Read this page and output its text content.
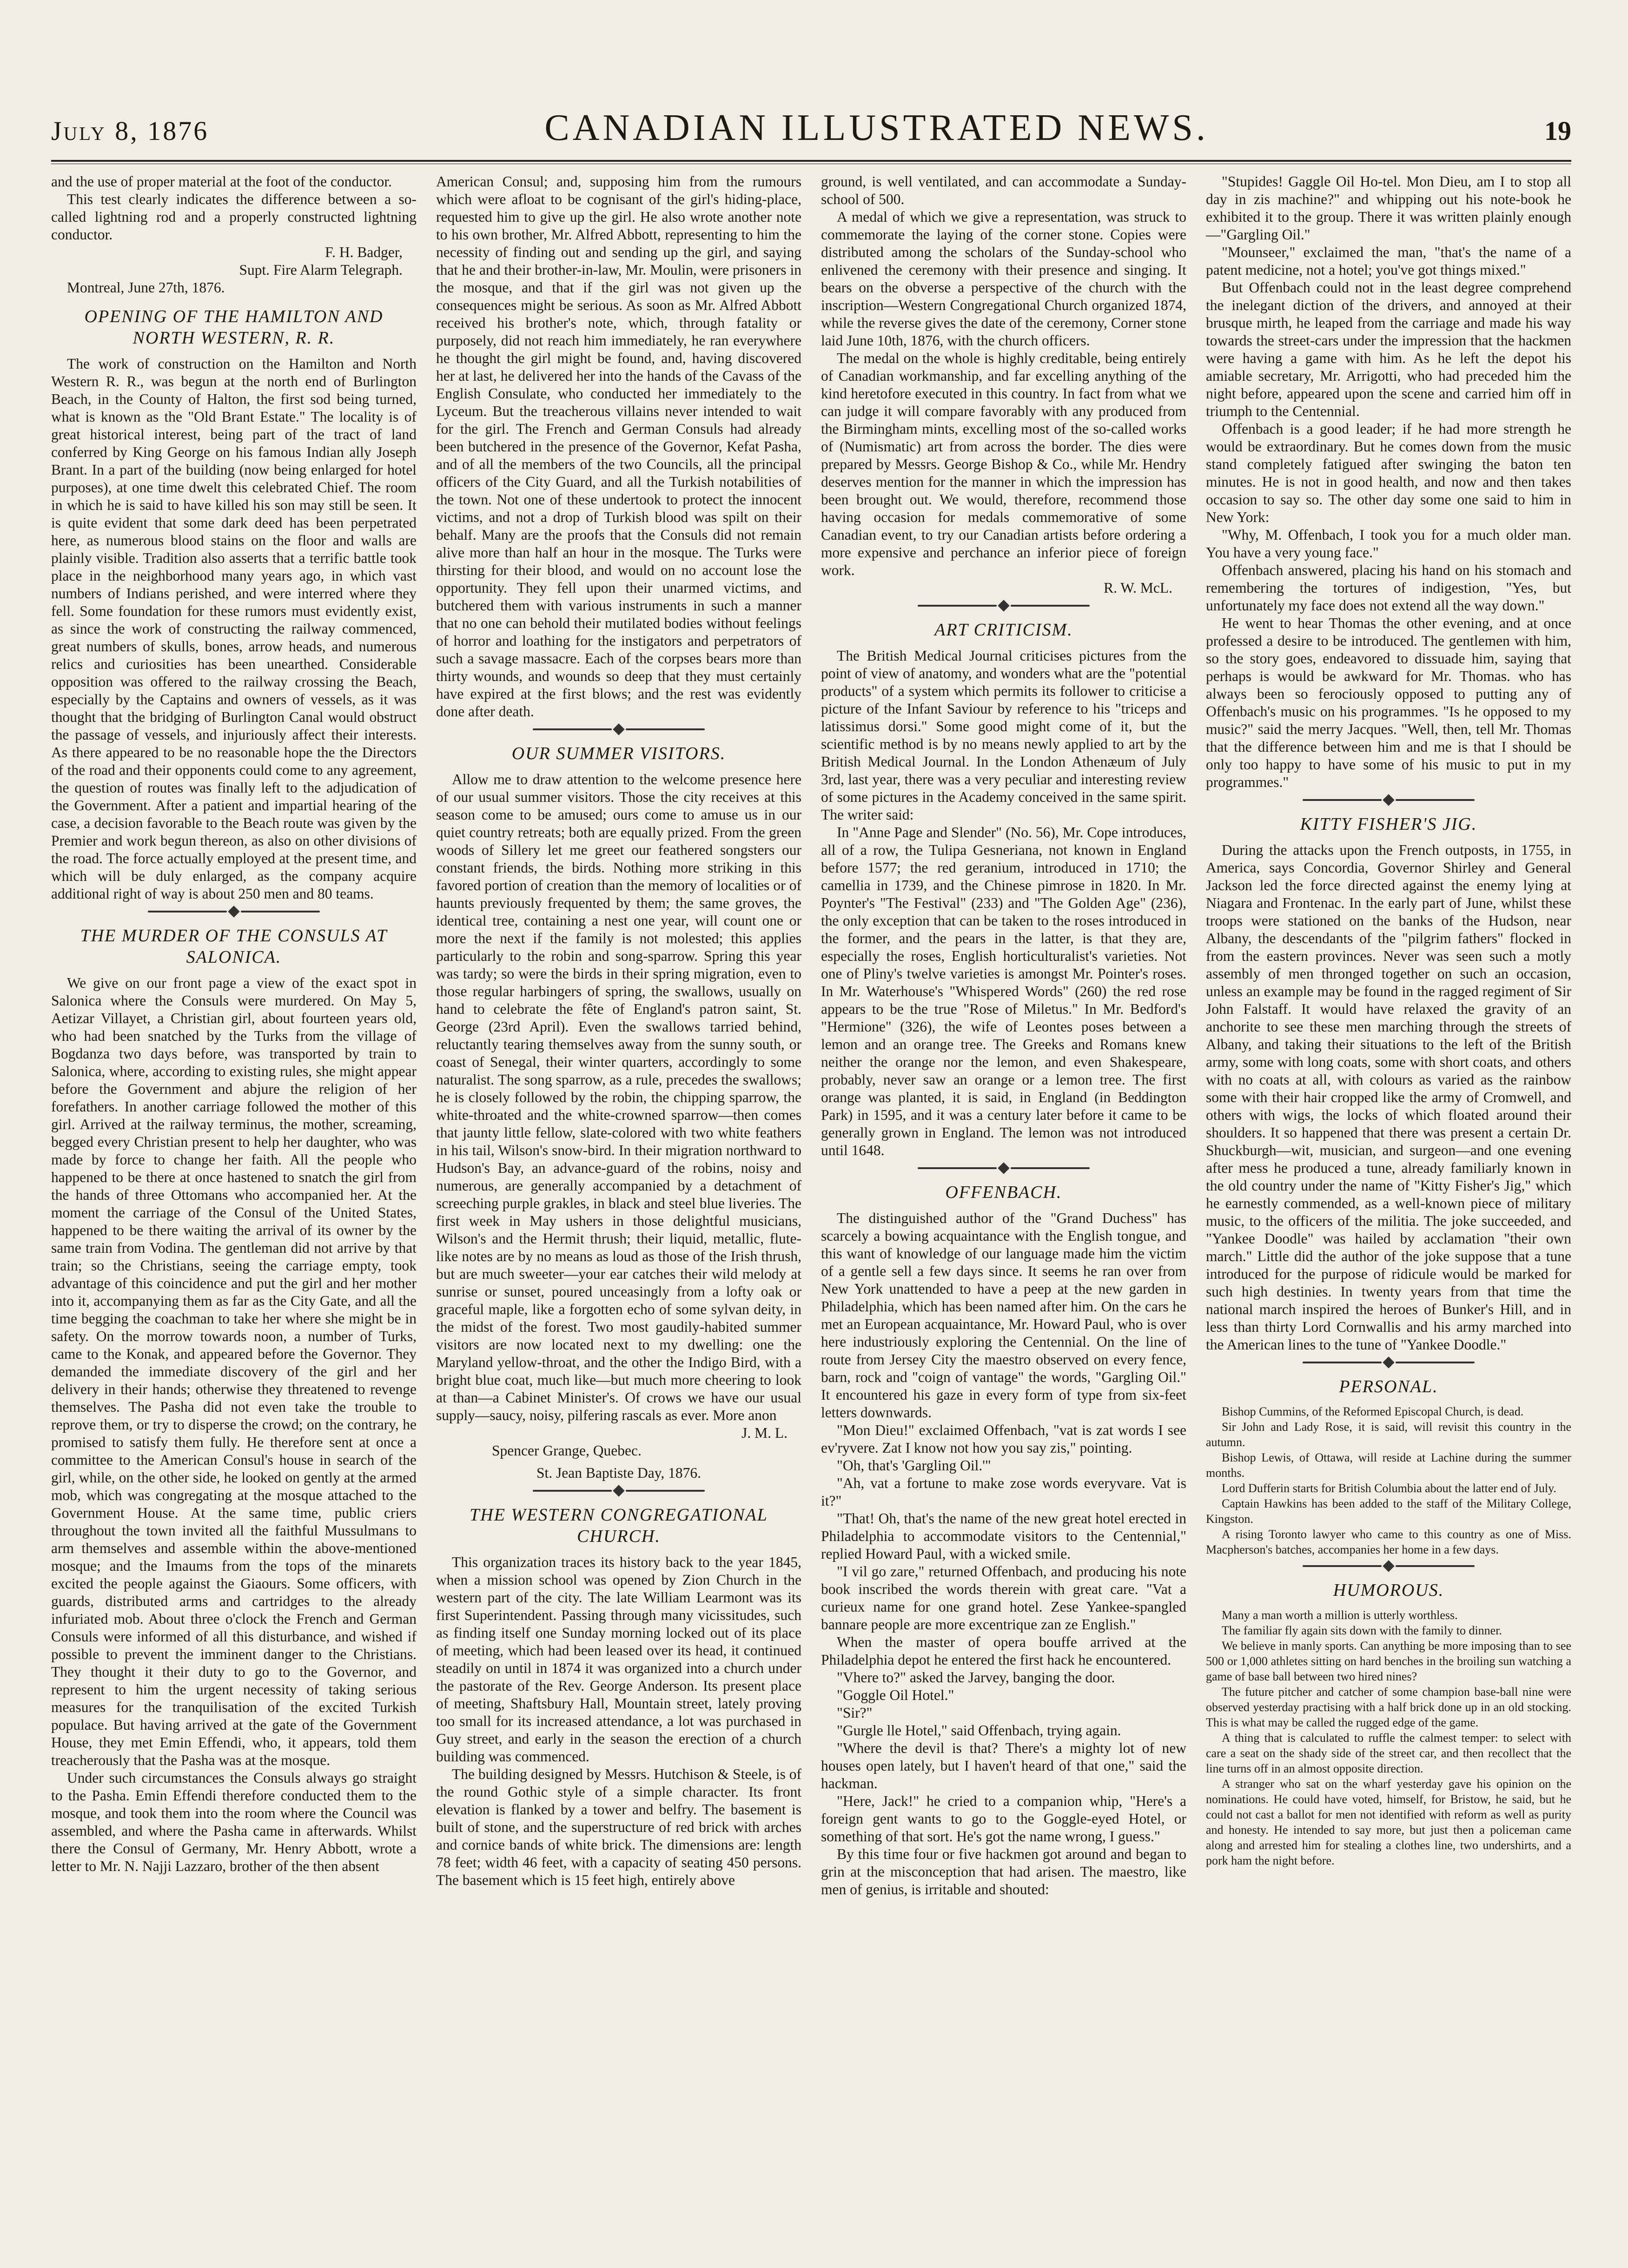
July 8, 1876	CANADIAN ILLUSTRATED NEWS.	19

and the use of proper material at the foot of the conductor.

This test clearly indicates the difference between a so-called lightning rod and a properly constructed lightning conductor.

F. H. Badger,

Supt. Fire Alarm Telegraph.

Montreal, June 27th, 1876.

OPENING OF THE HAMILTON AND NORTH WESTERN, R. R.

The work of construction on the Hamilton and North Western R. R., was begun at the north end of Burlington Beach, in the County of Halton, the first sod being turned, what is known as the "Old Brant Estate." The locality is of great historical interest, being part of the tract of land conferred by King George on his famous Indian ally Joseph Brant. In a part of the building (now being enlarged for hotel purposes), at one time dwelt this celebrated Chief. The room in which he is said to have killed his son may still be seen. It is quite evident that some dark deed has been perpetrated here, as numerous blood stains on the floor and walls are plainly visible. Tradition also asserts that a terrific battle took place in the neighborhood many years ago, in which vast numbers of Indians perished, and were interred where they fell. Some foundation for these rumors must evidently exist, as since the work of constructing the railway commenced, great numbers of skulls, bones, arrow heads, and numerous relics and curiosities has been unearthed. Considerable opposition was offered to the railway crossing the Beach, especially by the Captains and owners of vessels, as it was thought that the bridging of Burlington Canal would obstruct the passage of vessels, and injuriously affect their interests. As there appeared to be no reasonable hope the the Directors of the road and their opponents could come to any agreement, the question of routes was finally left to the adjudication of the Government. After a patient and impartial hearing of the case, a decision favorable to the Beach route was given by the Premier and work begun thereon, as also on other divisions of the road. The force actually employed at the present time, and which will be duly enlarged, as the company acquire additional right of way is about 250 men and 80 teams.

THE MURDER OF THE CONSULS AT SALONICA.

We give on our front page a view of the exact spot in Salonica where the Consuls were murdered. On May 5, Aetizar Villayet, a Christian girl, about fourteen years old, who had been snatched by the Turks from the village of Bogdanza two days before, was transported by train to Salonica, where, according to existing rules, she might appear before the Government and abjure the religion of her forefathers. In another carriage followed the mother of this girl. Arrived at the railway terminus, the mother, screaming, begged every Christian present to help her daughter, who was made by force to change her faith. All the people who happened to be there at once hastened to snatch the girl from the hands of three Ottomans who accompanied her. At the moment the carriage of the Consul of the United States, happened to be there waiting the arrival of its owner by the same train from Vodina. The gentleman did not arrive by that train; so the Christians, seeing the carriage empty, took advantage of this coincidence and put the girl and her mother into it, accompanying them as far as the City Gate, and all the time begging the coachman to take her where she might be in safety. On the morrow towards noon, a number of Turks, came to the Konak, and appeared before the Governor. They demanded the immediate discovery of the girl and her delivery in their hands; otherwise they threatened to revenge themselves. The Pasha did not even take the trouble to reprove them, or try to disperse the crowd; on the contrary, he promised to satisfy them fully. He therefore sent at once a committee to the American Consul's house in search of the girl, while, on the other side, he looked on gently at the armed mob, which was congregating at the mosque attached to the Government House. At the same time, public criers throughout the town invited all the faithful Mussulmans to arm themselves and assemble within the above-mentioned mosque; and the Imaums from the tops of the minarets excited the people against the Giaours. Some officers, with guards, distributed arms and cartridges to the already infuriated mob. About three o'clock the French and German Consuls were informed of all this disturbance, and wished if possible to prevent the imminent danger to the Christians. They thought it their duty to go to the Governor, and represent to him the urgent necessity of taking serious measures for the tranquilisation of the excited Turkish populace. But having arrived at the gate of the Government House, they met Emin Effendi, who, it appears, told them treacherously that the Pasha was at the mosque.

Under such circumstances the Consuls always go straight to the Pasha. Emin Effendi therefore conducted them to the mosque, and took them into the room where the Council was assembled, and where the Pasha came in afterwards. Whilst there the Consul of Germany, Mr. Henry Abbott, wrote a letter to Mr. N. Najji Lazzaro, brother of the then absent

American Consul; and, supposing him from the rumours which were afloat to be cognisant of the girl's hiding-place, requested him to give up the girl. He also wrote another note to his own brother, Mr. Alfred Abbott, representing to him the necessity of finding out and sending up the girl, and saying that he and their brother-in-law, Mr. Moulin, were prisoners in the mosque, and that if the girl was not given up the consequences might be serious. As soon as Mr. Alfred Abbott received his brother's note, which, through fatality or purposely, did not reach him immediately, he ran everywhere he thought the girl might be found, and, having discovered her at last, he delivered her into the hands of the Cavass of the English Consulate, who conducted her immediately to the Lyceum. But the treacherous villains never intended to wait for the girl. The French and German Consuls had already been butchered in the presence of the Governor, Kefat Pasha, and of all the members of the two Councils, all the principal officers of the City Guard, and all the Turkish notabilities of the town. Not one of these undertook to protect the innocent victims, and not a drop of Turkish blood was spilt on their behalf. Many are the proofs that the Consuls did not remain alive more than half an hour in the mosque. The Turks were thirsting for their blood, and would on no account lose the opportunity. They fell upon their unarmed victims, and butchered them with various instruments in such a manner that no one can behold their mutilated bodies without feelings of horror and loathing for the instigators and perpetrators of such a savage massacre. Each of the corpses bears more than thirty wounds, and wounds so deep that they must certainly have expired at the first blows; and the rest was evidently done after death.

OUR SUMMER VISITORS.

Allow me to draw attention to the welcome presence here of our usual summer visitors. Those the city receives at this season come to be amused; ours come to amuse us in our quiet country retreats; both are equally prized. From the green woods of Sillery let me greet our feathered songsters our constant friends, the birds. Nothing more striking in this favored portion of creation than the memory of localities or of haunts previously frequented by them; the same groves, the identical tree, containing a nest one year, will count one or more the next if the family is not molested; this applies particularly to the robin and song-sparrow. Spring this year was tardy; so were the birds in their spring migration, even to those regular harbingers of spring, the swallows, usually on hand to celebrate the fête of England's patron saint, St. George (23rd April). Even the swallows tarried behind, reluctantly tearing themselves away from the sunny south, or coast of Senegal, their winter quarters, accordingly to some naturalist. The song sparrow, as a rule, precedes the swallows; he is closely followed by the robin, the chipping sparrow, the white-throated and the white-crowned sparrow—then comes that jaunty little fellow, slate-colored with two white feathers in his tail, Wilson's snow-bird. In their migration northward to Hudson's Bay, an advance-guard of the robins, noisy and numerous, are generally accompanied by a detachment of screeching purple grakles, in black and steel blue liveries. The first week in May ushers in those delightful musicians, Wilson's and the Hermit thrush; their liquid, metallic, flute-like notes are by no means as loud as those of the Irish thrush, but are much sweeter—your ear catches their wild melody at sunrise or sunset, poured unceasingly from a lofty oak or graceful maple, like a forgotten echo of some sylvan deity, in the midst of the forest. Two most gaudily-habited summer visitors are now located next to my dwelling: one the Maryland yellow-throat, and the other the Indigo Bird, with a bright blue coat, much like—but much more cheering to look at than—a Cabinet Minister's. Of crows we have our usual supply—saucy, noisy, pilfering rascals as ever. More anon

J. M. L.

Spencer Grange, Quebec.

St. Jean Baptiste Day, 1876.

THE WESTERN CONGREGATIONAL CHURCH.

This organization traces its history back to the year 1845, when a mission school was opened by Zion Church in the western part of the city. The late William Learmont was its first Superintendent. Passing through many vicissitudes, such as finding itself one Sunday morning locked out of its place of meeting, which had been leased over its head, it continued steadily on until in 1874 it was organized into a church under the pastorate of the Rev. George Anderson. Its present place of meeting, Shaftsbury Hall, Mountain street, lately proving too small for its increased attendance, a lot was purchased in Guy street, and early in the season the erection of a church building was commenced.

The building designed by Messrs. Hutchison & Steele, is of the round Gothic style of a simple character. Its front elevation is flanked by a tower and belfry. The basement is built of stone, and the superstructure of red brick with arches and cornice bands of white brick. The dimensions are: length 78 feet; width 46 feet, with a capacity of seating 450 persons. The basement which is 15 feet high, entirely above

ground, is well ventilated, and can accommodate a Sunday-school of 500.

A medal of which we give a representation, was struck to commemorate the laying of the corner stone. Copies were distributed among the scholars of the Sunday-school who enlivened the ceremony with their presence and singing. It bears on the obverse a perspective of the church with the inscription—Western Congregational Church organized 1874, while the reverse gives the date of the ceremony, Corner stone laid June 10th, 1876, with the church officers.

The medal on the whole is highly creditable, being entirely of Canadian workmanship, and far excelling anything of the kind heretofore executed in this country. In fact from what we can judge it will compare favorably with any produced from the Birmingham mints, excelling most of the so-called works of (Numismatic) art from across the border. The dies were prepared by Messrs. George Bishop & Co., while Mr. Hendry deserves mention for the manner in which the impression has been brought out. We would, therefore, recommend those having occasion for medals commemorative of some Canadian event, to try our Canadian artists before ordering a more expensive and perchance an inferior piece of foreign work.

R. W. McL.

ART CRITICISM.

The British Medical Journal criticises pictures from the point of view of anatomy, and wonders what are the "potential products" of a system which permits its follower to criticise a picture of the Infant Saviour by reference to his "triceps and latissimus dorsi." Some good might come of it, but the scientific method is by no means newly applied to art by the British Medical Journal. In the London Athenæum of July 3rd, last year, there was a very peculiar and interesting review of some pictures in the Academy conceived in the same spirit. The writer said:

In "Anne Page and Slender" (No. 56), Mr. Cope introduces, all of a row, the Tulipa Gesneriana, not known in England before 1577; the red geranium, introduced in 1710; the camellia in 1739, and the Chinese pimrose in 1820. In Mr. Poynter's "The Festival" (233) and "The Golden Age" (236), the only exception that can be taken to the roses introduced in the former, and the pears in the latter, is that they are, especially the roses, English horticulturalist's varieties. Not one of Pliny's twelve varieties is amongst Mr. Pointer's roses. In Mr. Waterhouse's "Whispered Words" (260) the red rose appears to be the true "Rose of Miletus." In Mr. Bedford's "Hermione" (326), the wife of Leontes poses between a lemon and an orange tree. The Greeks and Romans knew neither the orange nor the lemon, and even Shakespeare, probably, never saw an orange or a lemon tree. The first orange was planted, it is said, in England (in Beddington Park) in 1595, and it was a century later before it came to be generally grown in England. The lemon was not introduced until 1648.

OFFENBACH.

The distinguished author of the "Grand Duchess" has scarcely a bowing acquaintance with the English tongue, and this want of knowledge of our language made him the victim of a gentle sell a few days since. It seems he ran over from New York unattended to have a peep at the new garden in Philadelphia, which has been named after him. On the cars he met an European acquaintance, Mr. Howard Paul, who is over here industriously exploring the Centennial. On the line of route from Jersey City the maestro observed on every fence, barn, rock and "coign of vantage" the words, "Gargling Oil." It encountered his gaze in every form of type from six-feet letters downwards.

"Mon Dieu!" exclaimed Offenbach, "vat is zat words I see ev'ryvere. Zat I know not how you say zis," pointing.

"Oh, that's 'Gargling Oil.'"

"Ah, vat a fortune to make zose words everyvare. Vat is it?"

"That! Oh, that's the name of the new great hotel erected in Philadelphia to accommodate visitors to the Centennial," replied Howard Paul, with a wicked smile.

"I vil go zare," returned Offenbach, and producing his note book inscribed the words therein with great care. "Vat a curieux name for one grand hotel. Zese Yankee-spangled bannare people are more excentrique zan ze English."

When the master of opera bouffe arrived at the Philadelphia depot he entered the first hack he encountered.

"Vhere to?" asked the Jarvey, banging the door.

"Goggle Oil Hotel."

"Sir?"

"Gurgle lle Hotel," said Offenbach, trying again.

"Where the devil is that? There's a mighty lot of new houses open lately, but I haven't heard of that one," said the hackman.

"Here, Jack!" he cried to a companion whip, "Here's a foreign gent wants to go to the Goggle-eyed Hotel, or something of that sort. He's got the name wrong, I guess."

By this time four or five hackmen got around and began to grin at the misconception that had arisen. The maestro, like men of genius, is irritable and shouted:

"Stupides! Gaggle Oil Ho-tel. Mon Dieu, am I to stop all day in zis machine?" and whipping out his note-book he exhibited it to the group. There it was written plainly enough—"Gargling Oil."

"Mounseer," exclaimed the man, "that's the name of a patent medicine, not a hotel; you've got things mixed."

But Offenbach could not in the least degree comprehend the inelegant diction of the drivers, and annoyed at their brusque mirth, he leaped from the carriage and made his way towards the street-cars under the impression that the hackmen were having a game with him. As he left the depot his amiable secretary, Mr. Arrigotti, who had preceded him the night before, appeared upon the scene and carried him off in triumph to the Centennial.

Offenbach is a good leader; if he had more strength he would be extraordinary. But he comes down from the music stand completely fatigued after swinging the baton ten minutes. He is not in good health, and now and then takes occasion to say so. The other day some one said to him in New York:

"Why, M. Offenbach, I took you for a much older man. You have a very young face."

Offenbach answered, placing his hand on his stomach and remembering the tortures of indigestion, "Yes, but unfortunately my face does not extend all the way down."

He went to hear Thomas the other evening, and at once professed a desire to be introduced. The gentlemen with him, so the story goes, endeavored to dissuade him, saying that perhaps is would be awkward for Mr. Thomas. who has always been so ferociously opposed to putting any of Offenbach's music on his programmes. "Is he opposed to my music?" said the merry Jacques. "Well, then, tell Mr. Thomas that the difference between him and me is that I should be only too happy to have some of his music to put in my programmes."

KITTY FISHER'S JIG.

During the attacks upon the French outposts, in 1755, in America, says Concordia, Governor Shirley and General Jackson led the force directed against the enemy lying at Niagara and Frontenac. In the early part of June, whilst these troops were stationed on the banks of the Hudson, near Albany, the descendants of the "pilgrim fathers" flocked in from the eastern provinces. Never was seen such a motly assembly of men thronged together on such an occasion, unless an example may be found in the ragged regiment of Sir John Falstaff. It would have relaxed the gravity of an anchorite to see these men marching through the streets of Albany, and taking their situations to the left of the British army, some with long coats, some with short coats, and others with no coats at all, with colours as varied as the rainbow some with their hair cropped like the army of Cromwell, and others with wigs, the locks of which floated around their shoulders. It so happened that there was present a certain Dr. Shuckburgh—wit, musician, and surgeon—and one evening after mess he produced a tune, already familiarly known in the old country under the name of "Kitty Fisher's Jig," which he earnestly commended, as a well-known piece of military music, to the officers of the militia. The joke succeeded, and "Yankee Doodle" was hailed by acclamation "their own march." Little did the author of the joke suppose that a tune introduced for the purpose of ridicule would be marked for such high destinies. In twenty years from that time the national march inspired the heroes of Bunker's Hill, and in less than thirty Lord Cornwallis and his army marched into the American lines to the tune of "Yankee Doodle."

PERSONAL.

Bishop Cummins, of the Reformed Episcopal Church, is dead.

Sir John and Lady Rose, it is said, will revisit this country in the autumn.

Bishop Lewis, of Ottawa, will reside at Lachine during the summer months.

Lord Dufferin starts for British Columbia about the latter end of July.

Captain Hawkins has been added to the staff of the Military College, Kingston.

A rising Toronto lawyer who came to this country as one of Miss. Macpherson's batches, accompanies her home in a few days.

HUMOROUS.

Many a man worth a million is utterly worthless.

The familiar fly again sits down with the family to dinner.

We believe in manly sports. Can anything be more imposing than to see 500 or 1,000 athletes sitting on hard benches in the broiling sun watching a game of base ball between two hired nines?

The future pitcher and catcher of some champion base-ball nine were observed yesterday practising with a half brick done up in an old stocking. This is what may be called the rugged edge of the game.

A thing that is calculated to ruffle the calmest temper: to select with care a seat on the shady side of the street car, and then recollect that the line turns off in an almost opposite direction.

A stranger who sat on the wharf yesterday gave his opinion on the nominations. He could have voted, himself, for Bristow, he said, but he could not cast a ballot for men not identified with reform as well as purity and honesty. He intended to say more, but just then a policeman came along and arrested him for stealing a clothes line, two undershirts, and a pork ham the night before.
